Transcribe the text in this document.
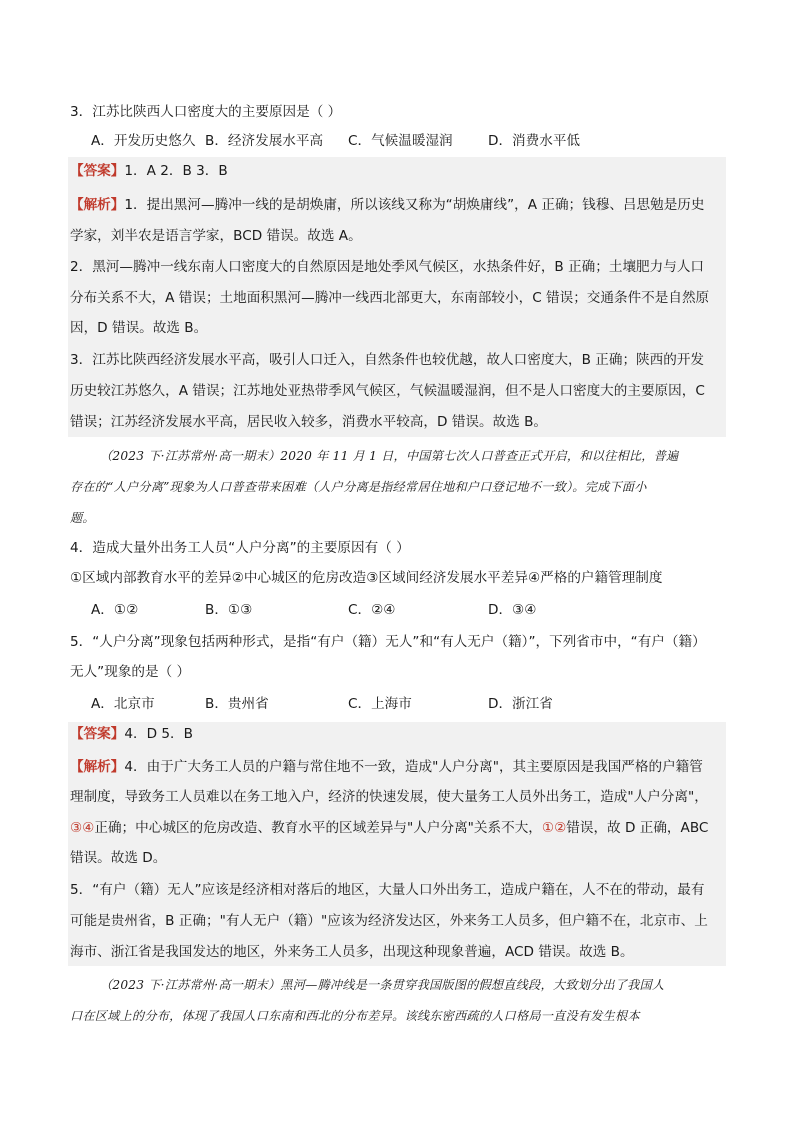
3．江苏比陕西人口密度大的主要原因是（ ）
A．开发历史悠久 B．经济发展水平高 C．气候温暖湿润	D．消费水平低
【答案】1．A 2．B 3．B
【解析】1．提出黑河—腾冲一线的是胡焕庸，所以该线又称为“胡焕庸线”，A 正确；钱穆、吕思勉是历史
学家，刘半农是语言学家，BCD 错误。故选 A。
2．黑河—腾冲一线东南人口密度大的自然原因是地处季风气候区，水热条件好，B 正确；土壤肥力与人口
分布关系不大，A 错误；土地面积黑河—腾冲一线西北部更大，东南部较小，C 错误；交通条件不是自然原
因，D 错误。故选 B。
3．江苏比陕西经济发展水平高，吸引人口迁入，自然条件也较优越，故人口密度大，B 正确；陕西的开发
历史较江苏悠久，A 错误；江苏地处亚热带季风气候区，气候温暖湿润，但不是人口密度大的主要原因，C
错误；江苏经济发展水平高，居民收入较多，消费水平较高，D 错误。故选 B。
（2023 下·江苏常州·高一期末）2020 年 11 月 1 日，中国第七次人口普查正式开启，和以往相比，普遍
存在的“人户分离”现象为人口普查带来困难（人户分离是指经常居住地和户口登记地不一致）。完成下面小
题。
4．造成大量外出务工人员“人户分离”的主要原因有（ ）
①区域内部教育水平的差异②中心城区的危房改造③区域间经济发展水平差异④严格的户籍管理制度
A．①②	B．①③	C．②④	D．③④
5．“人户分离”现象包括两种形式，是指“有户（籍）无人”和“有人无户（籍）”，下列省市中，“有户（籍）
无人”现象的是（ ）
A．北京市	B．贵州省	C．上海市	D．浙江省
【答案】4．D 5．B
【解析】4．由于广大务工人员的户籍与常住地不一致，造成"人户分离"，其主要原因是我国严格的户籍管
理制度，导致务工人员难以在务工地入户，经济的快速发展，使大量务工人员外出务工，造成"人户分离"，
③④正确；中心城区的危房改造、教育水平的区域差异与"人户分离"关系不大，①②错误，故 D 正确，ABC
错误。故选 D。
5．“有户（籍）无人”应该是经济相对落后的地区，大量人口外出务工，造成户籍在，人不在的带动，最有
可能是贵州省，B 正确；"有人无户（籍）"应该为经济发达区，外来务工人员多，但户籍不在，北京市、上
海市、浙江省是我国发达的地区，外来务工人员多，出现这种现象普遍，ACD 错误。故选 B。
（2023 下·江苏常州·高一期末）黑河—腾冲线是一条贯穿我国版图的假想直线段，大致划分出了我国人
口在区域上的分布，体现了我国人口东南和西北的分布差异。该线东密西疏的人口格局一直没有发生根本
